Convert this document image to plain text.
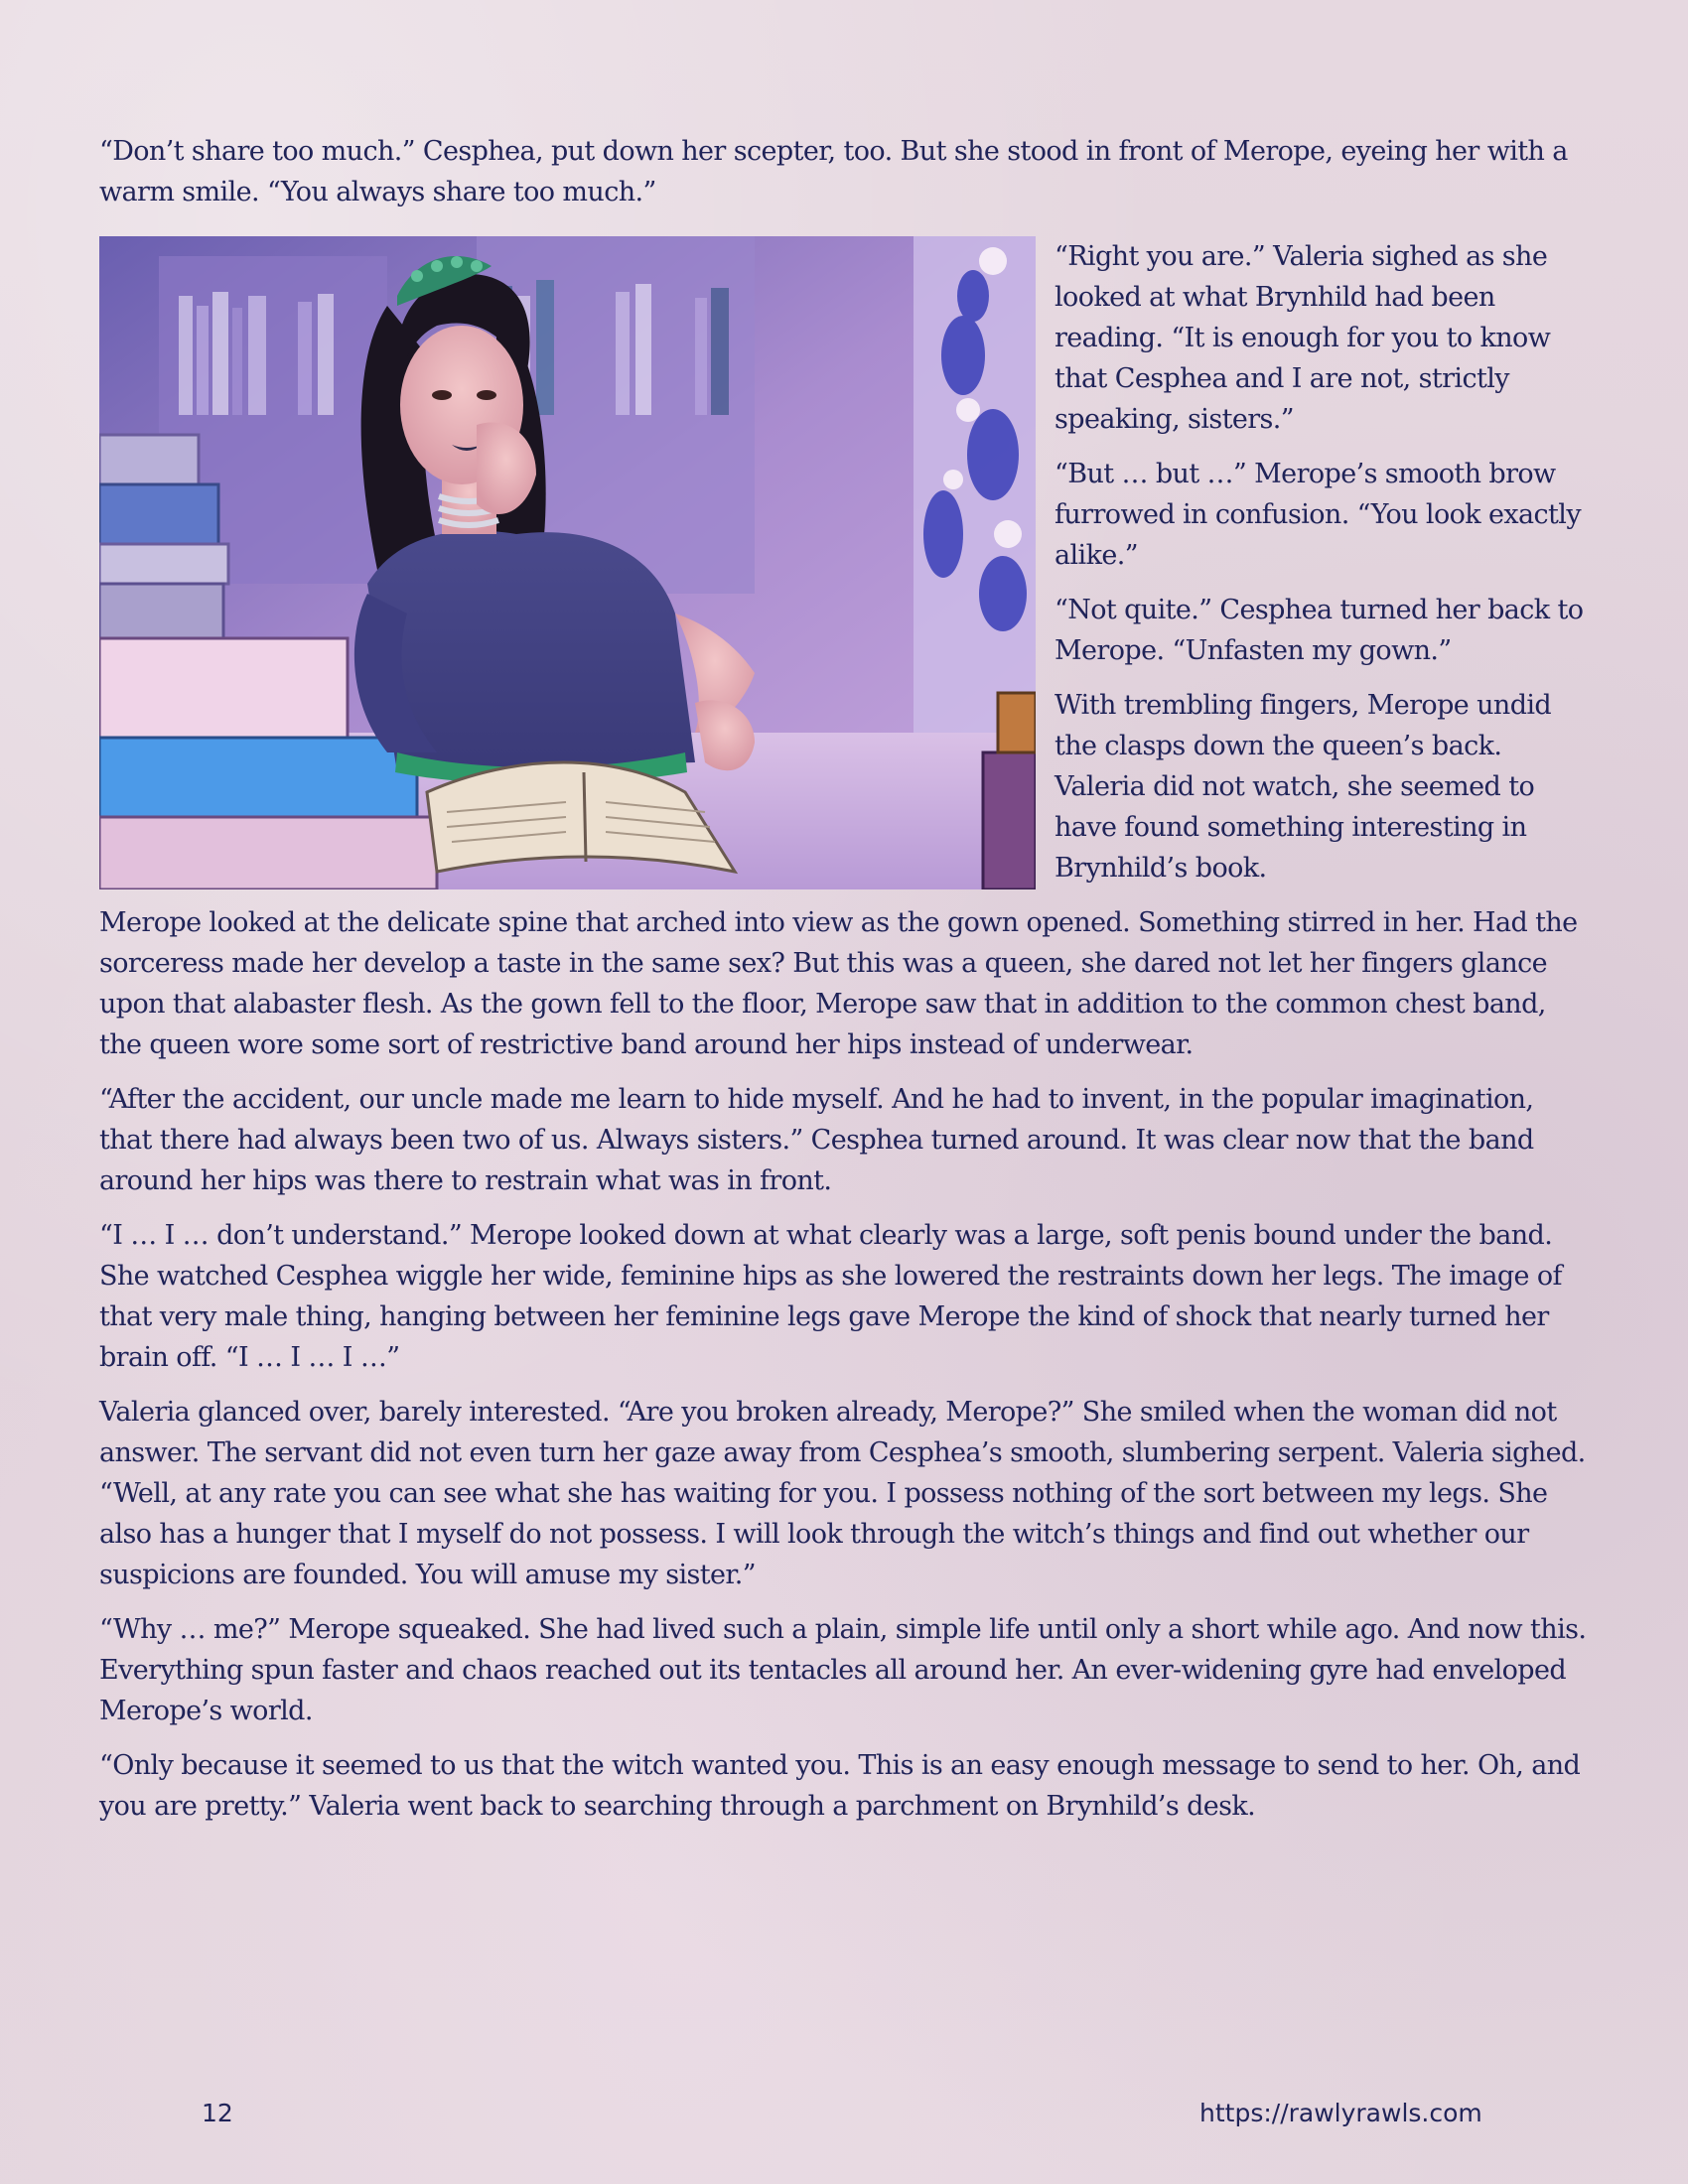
“Don’t share too much.” Cesphea, put down her scepter, too. But she stood in front of Merope, eyeing her with a warm smile. “You always share too much.”

“Right you are.” Valeria sighed as she looked at what Brynhild had been reading. “It is enough for you to know that Cesphea and I are not, strictly speaking, sisters.”

“But … but …” Merope’s smooth brow furrowed in confusion. “You look exactly alike.”

“Not quite.” Cesphea turned her back to Merope. “Unfasten my gown.”

With trembling fingers, Merope undid the clasps down the queen’s back. Valeria did not watch, she seemed to have found something interesting in Brynhild’s book.

Merope looked at the delicate spine that arched into view as the gown opened. Something stirred in her. Had the sorceress made her develop a taste in the same sex? But this was a queen, she dared not let her fingers glance upon that alabaster flesh. As the gown fell to the floor, Merope saw that in addition to the common chest band, the queen wore some sort of restrictive band around her hips instead of underwear.

“After the accident, our uncle made me learn to hide myself. And he had to invent, in the popular imagination, that there had always been two of us. Always sisters.” Cesphea turned around. It was clear now that the band around her hips was there to restrain what was in front.

“I … I … don’t understand.” Merope looked down at what clearly was a large, soft penis bound under the band. She watched Cesphea wiggle her wide, feminine hips as she lowered the restraints down her legs. The image of that very male thing, hanging between her feminine legs gave Merope the kind of shock that nearly turned her brain off. “I … I … I …”

Valeria glanced over, barely interested. “Are you broken already, Merope?” She smiled when the woman did not answer. The servant did not even turn her gaze away from Cesphea’s smooth, slumbering serpent. Valeria sighed. “Well, at any rate you can see what she has waiting for you. I possess nothing of the sort between my legs. She also has a hunger that I myself do not possess. I will look through the witch’s things and find out whether our suspicions are founded. You will amuse my sister.”

“Why … me?” Merope squeaked. She had lived such a plain, simple life until only a short while ago. And now this. Everything spun faster and chaos reached out its tentacles all around her. An ever-widening gyre had enveloped Merope’s world.

“Only because it seemed to us that the witch wanted you. This is an easy enough message to send to her. Oh, and you are pretty.” Valeria went back to searching through a parchment on Brynhild’s desk.

12	https://rawlyrawls.com
